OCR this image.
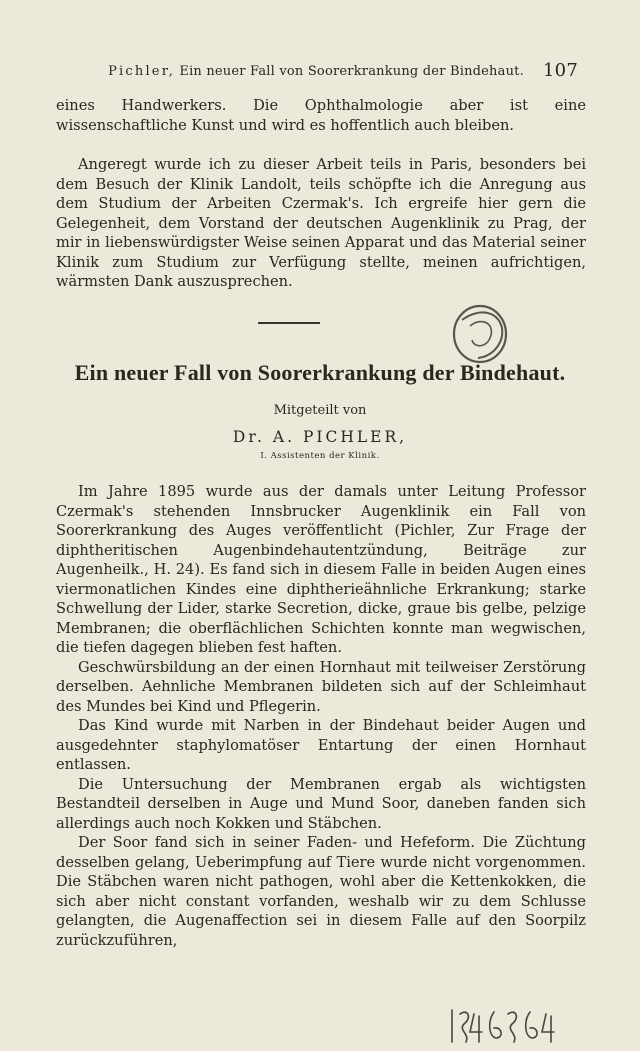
Pichler,
Ein neuer Fall von Soorerkrankung der Bindehaut. 107

eines Handwerkers. Die Ophthalmologie aber ist eine wissenschaftliche Kunst und wird es hoffentlich auch bleiben.

Angeregt wurde ich zu dieser Arbeit teils in Paris, besonders bei dem Besuch der Klinik Landolt, teils schöpfte ich die Anregung aus dem Studium der Arbeiten Czermak's. Ich ergreife hier gern die Gelegenheit, dem Vorstand der deutschen Augenklinik zu Prag, der mir in liebenswürdigster Weise seinen Apparat und das Material seiner Klinik zum Studium zur Verfügung stellte, meinen aufrichtigen, wärmsten Dank auszusprechen.

Ein neuer Fall von Soorerkrankung der Bindehaut.
Mitgeteilt von
Dr. A. PICHLER,
I. Assistenten der Klinik.

Im Jahre 1895 wurde aus der damals unter Leitung Professor Czermak's stehenden Innsbrucker Augenklinik ein Fall von Soorerkrankung des Auges veröffentlicht (Pichler, Zur Frage der diphtheritischen Augenbindehautentzündung, Beiträge zur Augenheilk., H. 24). Es fand sich in diesem Falle in beiden Augen eines viermonatlichen Kindes eine diphtherieähnliche Erkrankung; starke Schwellung der Lider, starke Secretion, dicke, graue bis gelbe, pelzige Membranen; die oberflächlichen Schichten konnte man wegwischen, die tiefen dagegen blieben fest haften.

Geschwürsbildung an der einen Hornhaut mit teilweiser Zerstörung derselben. Aehnliche Membranen bildeten sich auf der Schleimhaut des Mundes bei Kind und Pflegerin.

Das Kind wurde mit Narben in der Bindehaut beider Augen und ausgedehnter staphylomatöser Entartung der einen Hornhaut entlassen.

Die Untersuchung der Membranen ergab als wichtigsten Bestandteil derselben in Auge und Mund Soor, daneben fanden sich allerdings auch noch Kokken und Stäbchen.

Der Soor fand sich in seiner Faden- und Hefeform. Die Züchtung desselben gelang, Ueberimpfung auf Tiere wurde nicht vorgenommen. Die Stäbchen waren nicht pathogen, wohl aber die Kettenkokken, die sich aber nicht constant vorfanden, weshalb wir zu dem Schlusse gelangten, die Augenaffection sei in diesem Falle auf den Soorpilz zurückzuführen,
